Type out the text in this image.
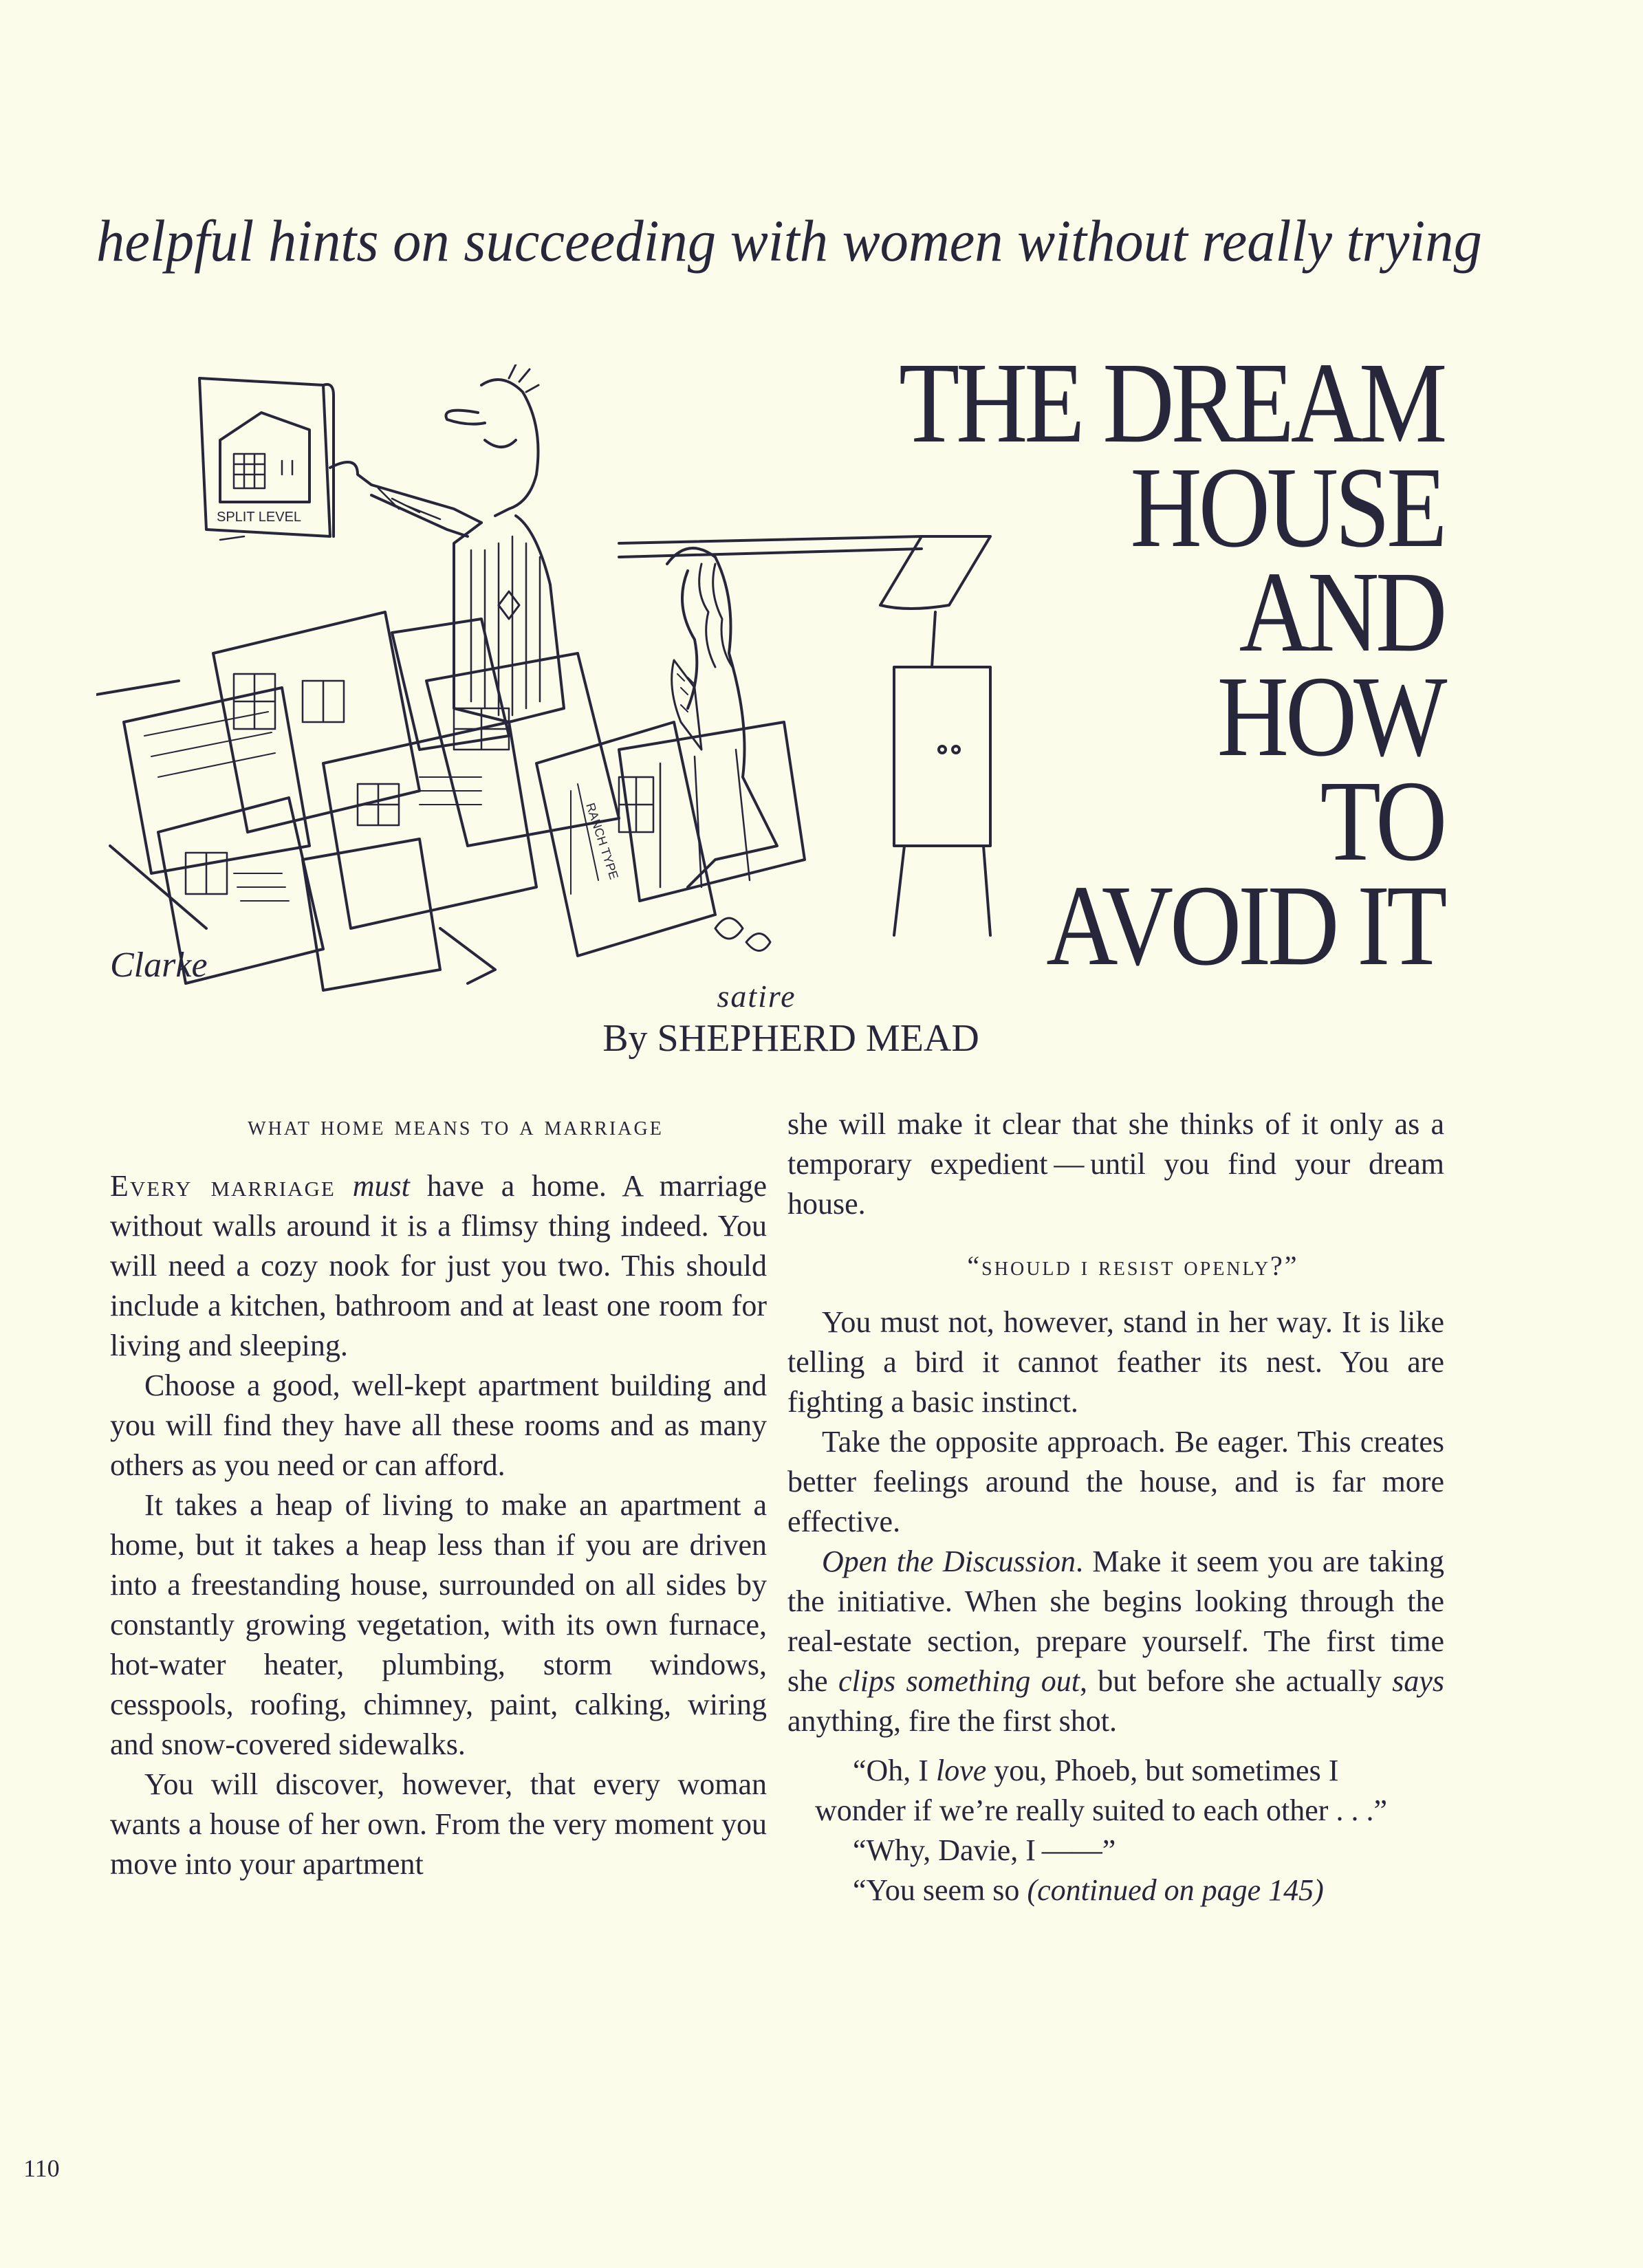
helpful hints on succeeding with women without really trying
THE DREAM
HOUSE
AND
HOW
TO
AVOID IT
SPLIT LEVEL
RANCH TYPE
Clarke
satire
By SHEPHERD MEAD

what home means to a marriage

Every marriage must have a home. A marriage without walls around it is a flimsy thing indeed. You will need a cozy nook for just you two. This should include a kitchen, bathroom and at least one room for living and sleeping.

Choose a good, well-kept apartment building and you will find they have all these rooms and as many others as you need or can afford.

It takes a heap of living to make an apartment a home, but it takes a heap less than if you are driven into a freestanding house, surrounded on all sides by constantly growing vegetation, with its own furnace, hot-water heater, plumbing, storm windows, cesspools, roofing, chimney, paint, calking, wiring and snow-covered sidewalks.

You will discover, however, that every woman wants a house of her own. From the very moment you move into your apartment

she will make it clear that she thinks of it only as a temporary expedient — until you find your dream house.

“should i resist openly?”

You must not, however, stand in her way. It is like telling a bird it cannot feather its nest. You are fighting a basic instinct.

Take the opposite approach. Be eager. This creates better feelings around the house, and is far more effective.

Open the Discussion. Make it seem you are taking the initiative. When she begins looking through the real-estate section, prepare yourself. The first time she clips something out, but before she actually says anything, fire the first shot.

“Oh, I love you, Phoeb, but sometimes I wonder if we’re really suited to each other . . .”

“Why, Davie, I ——”

“You seem so (continued on page 145)

110
